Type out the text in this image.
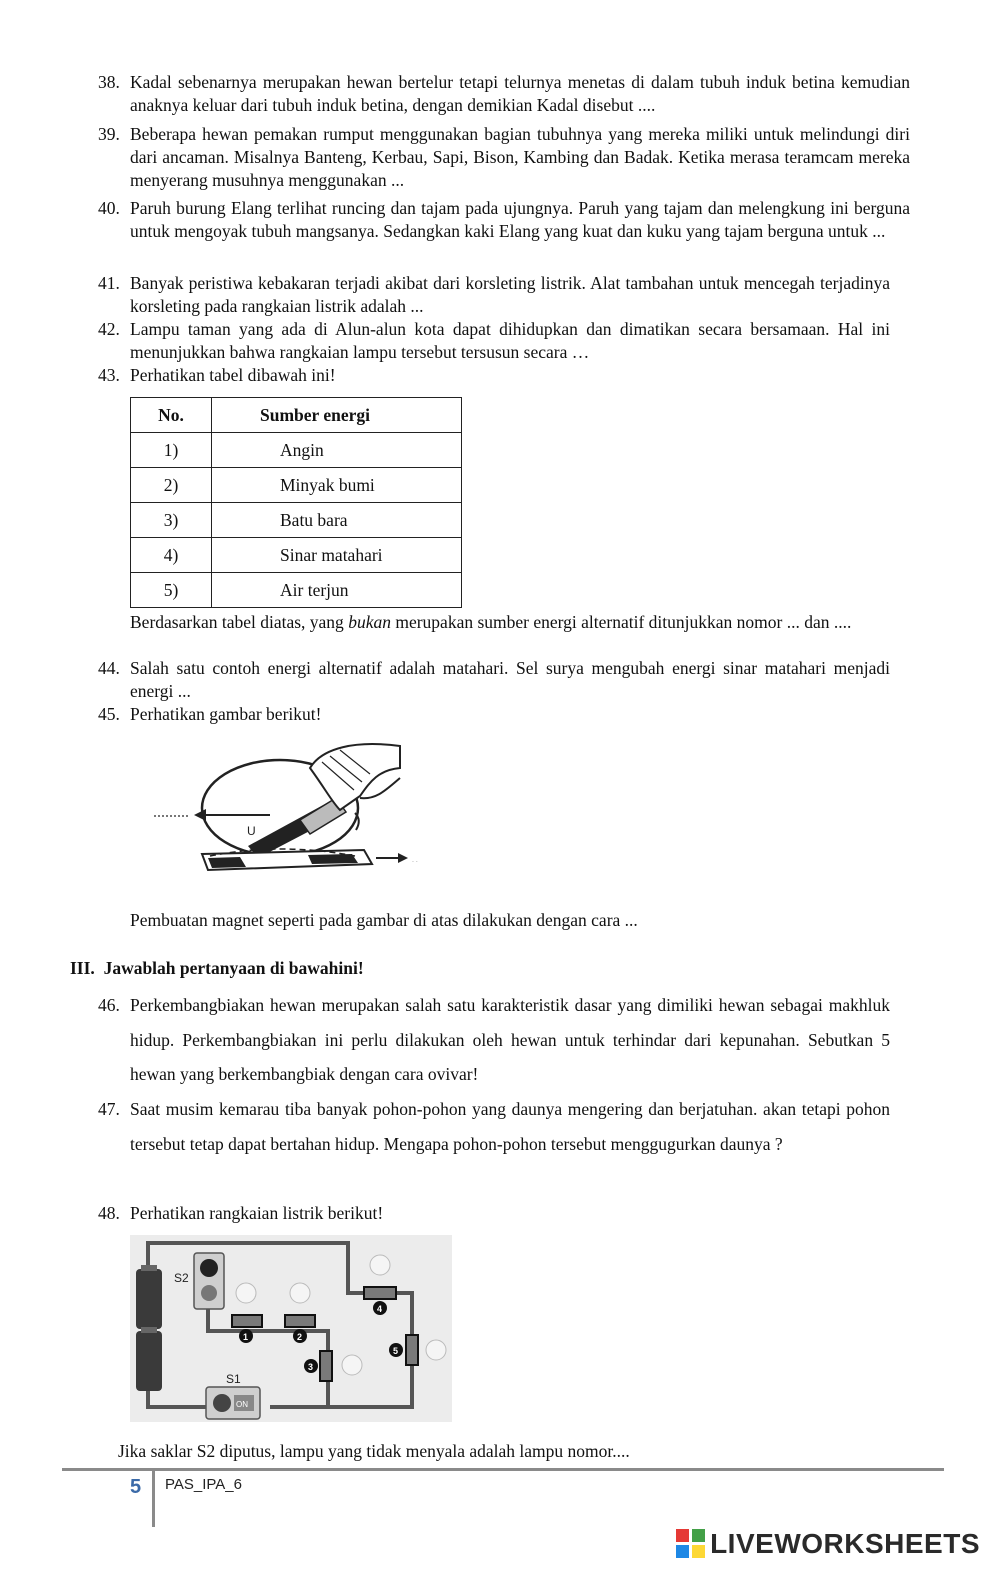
38. Kadal sebenarnya merupakan hewan bertelur tetapi telurnya menetas di dalam tubuh induk betina kemudian anaknya keluar dari tubuh induk betina, dengan demikian Kadal disebut ....
39. Beberapa hewan pemakan rumput menggunakan bagian tubuhnya yang mereka miliki untuk melindungi diri dari ancaman. Misalnya Banteng, Kerbau, Sapi, Bison, Kambing dan Badak. Ketika merasa teramcam mereka menyerang musuhnya menggunakan ...
40. Paruh burung Elang terlihat runcing dan tajam pada ujungnya. Paruh yang tajam dan melengkung ini berguna untuk mengoyak tubuh mangsanya. Sedangkan kaki Elang yang kuat dan kuku yang tajam berguna untuk ...
41. Banyak peristiwa kebakaran terjadi akibat dari korsleting listrik. Alat tambahan untuk mencegah terjadinya korsleting pada rangkaian listrik adalah ...
42. Lampu taman yang ada di Alun-alun kota dapat dihidupkan dan dimatikan secara bersamaan. Hal ini menunjukkan bahwa rangkaian lampu tersebut tersusun secara …
43. Perhatikan tabel dibawah ini!
No.	Sumber energi
1)	Angin
2)	Minyak bumi
3)	Batu bara
4)	Sinar matahari
5)	Air terjun
Berdasarkan tabel diatas, yang bukan merupakan sumber energi alternatif ditunjukkan nomor ... dan ....
44. Salah satu contoh energi alternatif adalah matahari. Sel surya mengubah energi sinar matahari menjadi energi ...
45. Perhatikan gambar berikut!
U
. .
Pembuatan magnet seperti pada gambar di atas dilakukan dengan cara ...
III. Jawablah pertanyaan di bawahini!
46. Perkembangbiakan hewan merupakan salah satu karakteristik dasar yang dimiliki hewan sebagai makhluk hidup. Perkembangbiakan ini perlu dilakukan oleh hewan untuk terhindar dari kepunahan. Sebutkan 5 hewan yang berkembangbiak dengan cara ovivar!
47. Saat musim kemarau tiba banyak pohon-pohon yang daunya mengering dan berjatuhan. akan tetapi pohon tersebut tetap dapat bertahan hidup. Mengapa pohon-pohon tersebut menggugurkan daunya ?
48. Perhatikan rangkaian listrik berikut!
S2
S1
ON
1	2
3
4
5
Jika saklar S2 diputus, lampu yang tidak menyala adalah lampu nomor....
5 PAS_IPA_6
LIVEWORKSHEETS
